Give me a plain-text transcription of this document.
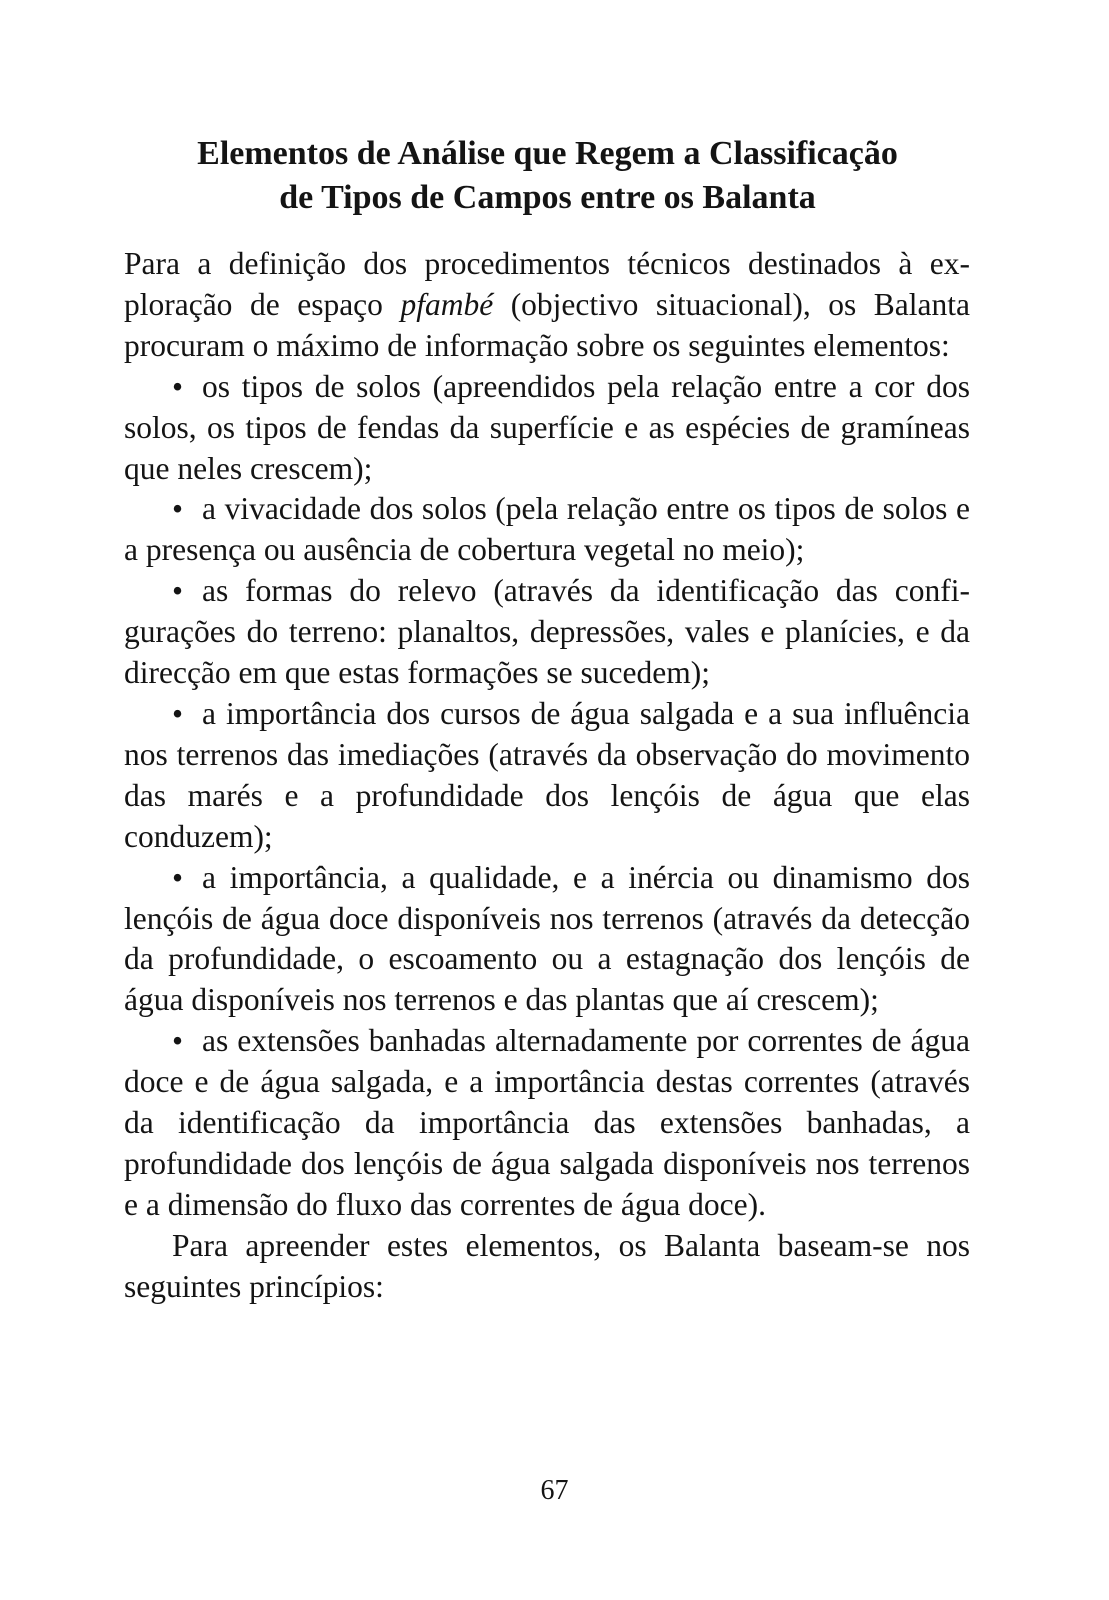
Elementos de Análise que Regem a Classificação
de Tipos de Campos entre os Balanta

Para a definição dos procedimentos técnicos destinados à exploração de espaço pfambé (objectivo situacional), os Balanta procuram o máximo de informação sobre os seguintes elementos:

• os tipos de solos (apreendidos pela relação entre a cor dos solos, os tipos de fendas da superfície e as espécies de gramíneas que neles crescem);

• a vivacidade dos solos (pela relação entre os tipos de solos e a presença ou ausência de cobertura vegetal no meio);

• as formas do relevo (através da identificação das configurações do terreno: planaltos, depressões, vales e planícies, e da direcção em que estas formações se sucedem);

• a importância dos cursos de água salgada e a sua influência nos terrenos das imediações (através da observação do movimento das marés e a profundidade dos lençóis de água que elas conduzem);

• a importância, a qualidade, e a inércia ou dinamismo dos lençóis de água doce disponíveis nos terrenos (através da detecção da profundidade, o escoamento ou a estagnação dos lençóis de água disponíveis nos terrenos e das plantas que aí crescem);

• as extensões banhadas alternadamente por correntes de água doce e de água salgada, e a importância destas correntes (através da identificação da importância das extensões banhadas, a profundidade dos lençóis de água salgada disponíveis nos terrenos e a dimensão do fluxo das correntes de água doce).

Para apreender estes elementos, os Balanta baseam-se nos seguintes princípios:

67
